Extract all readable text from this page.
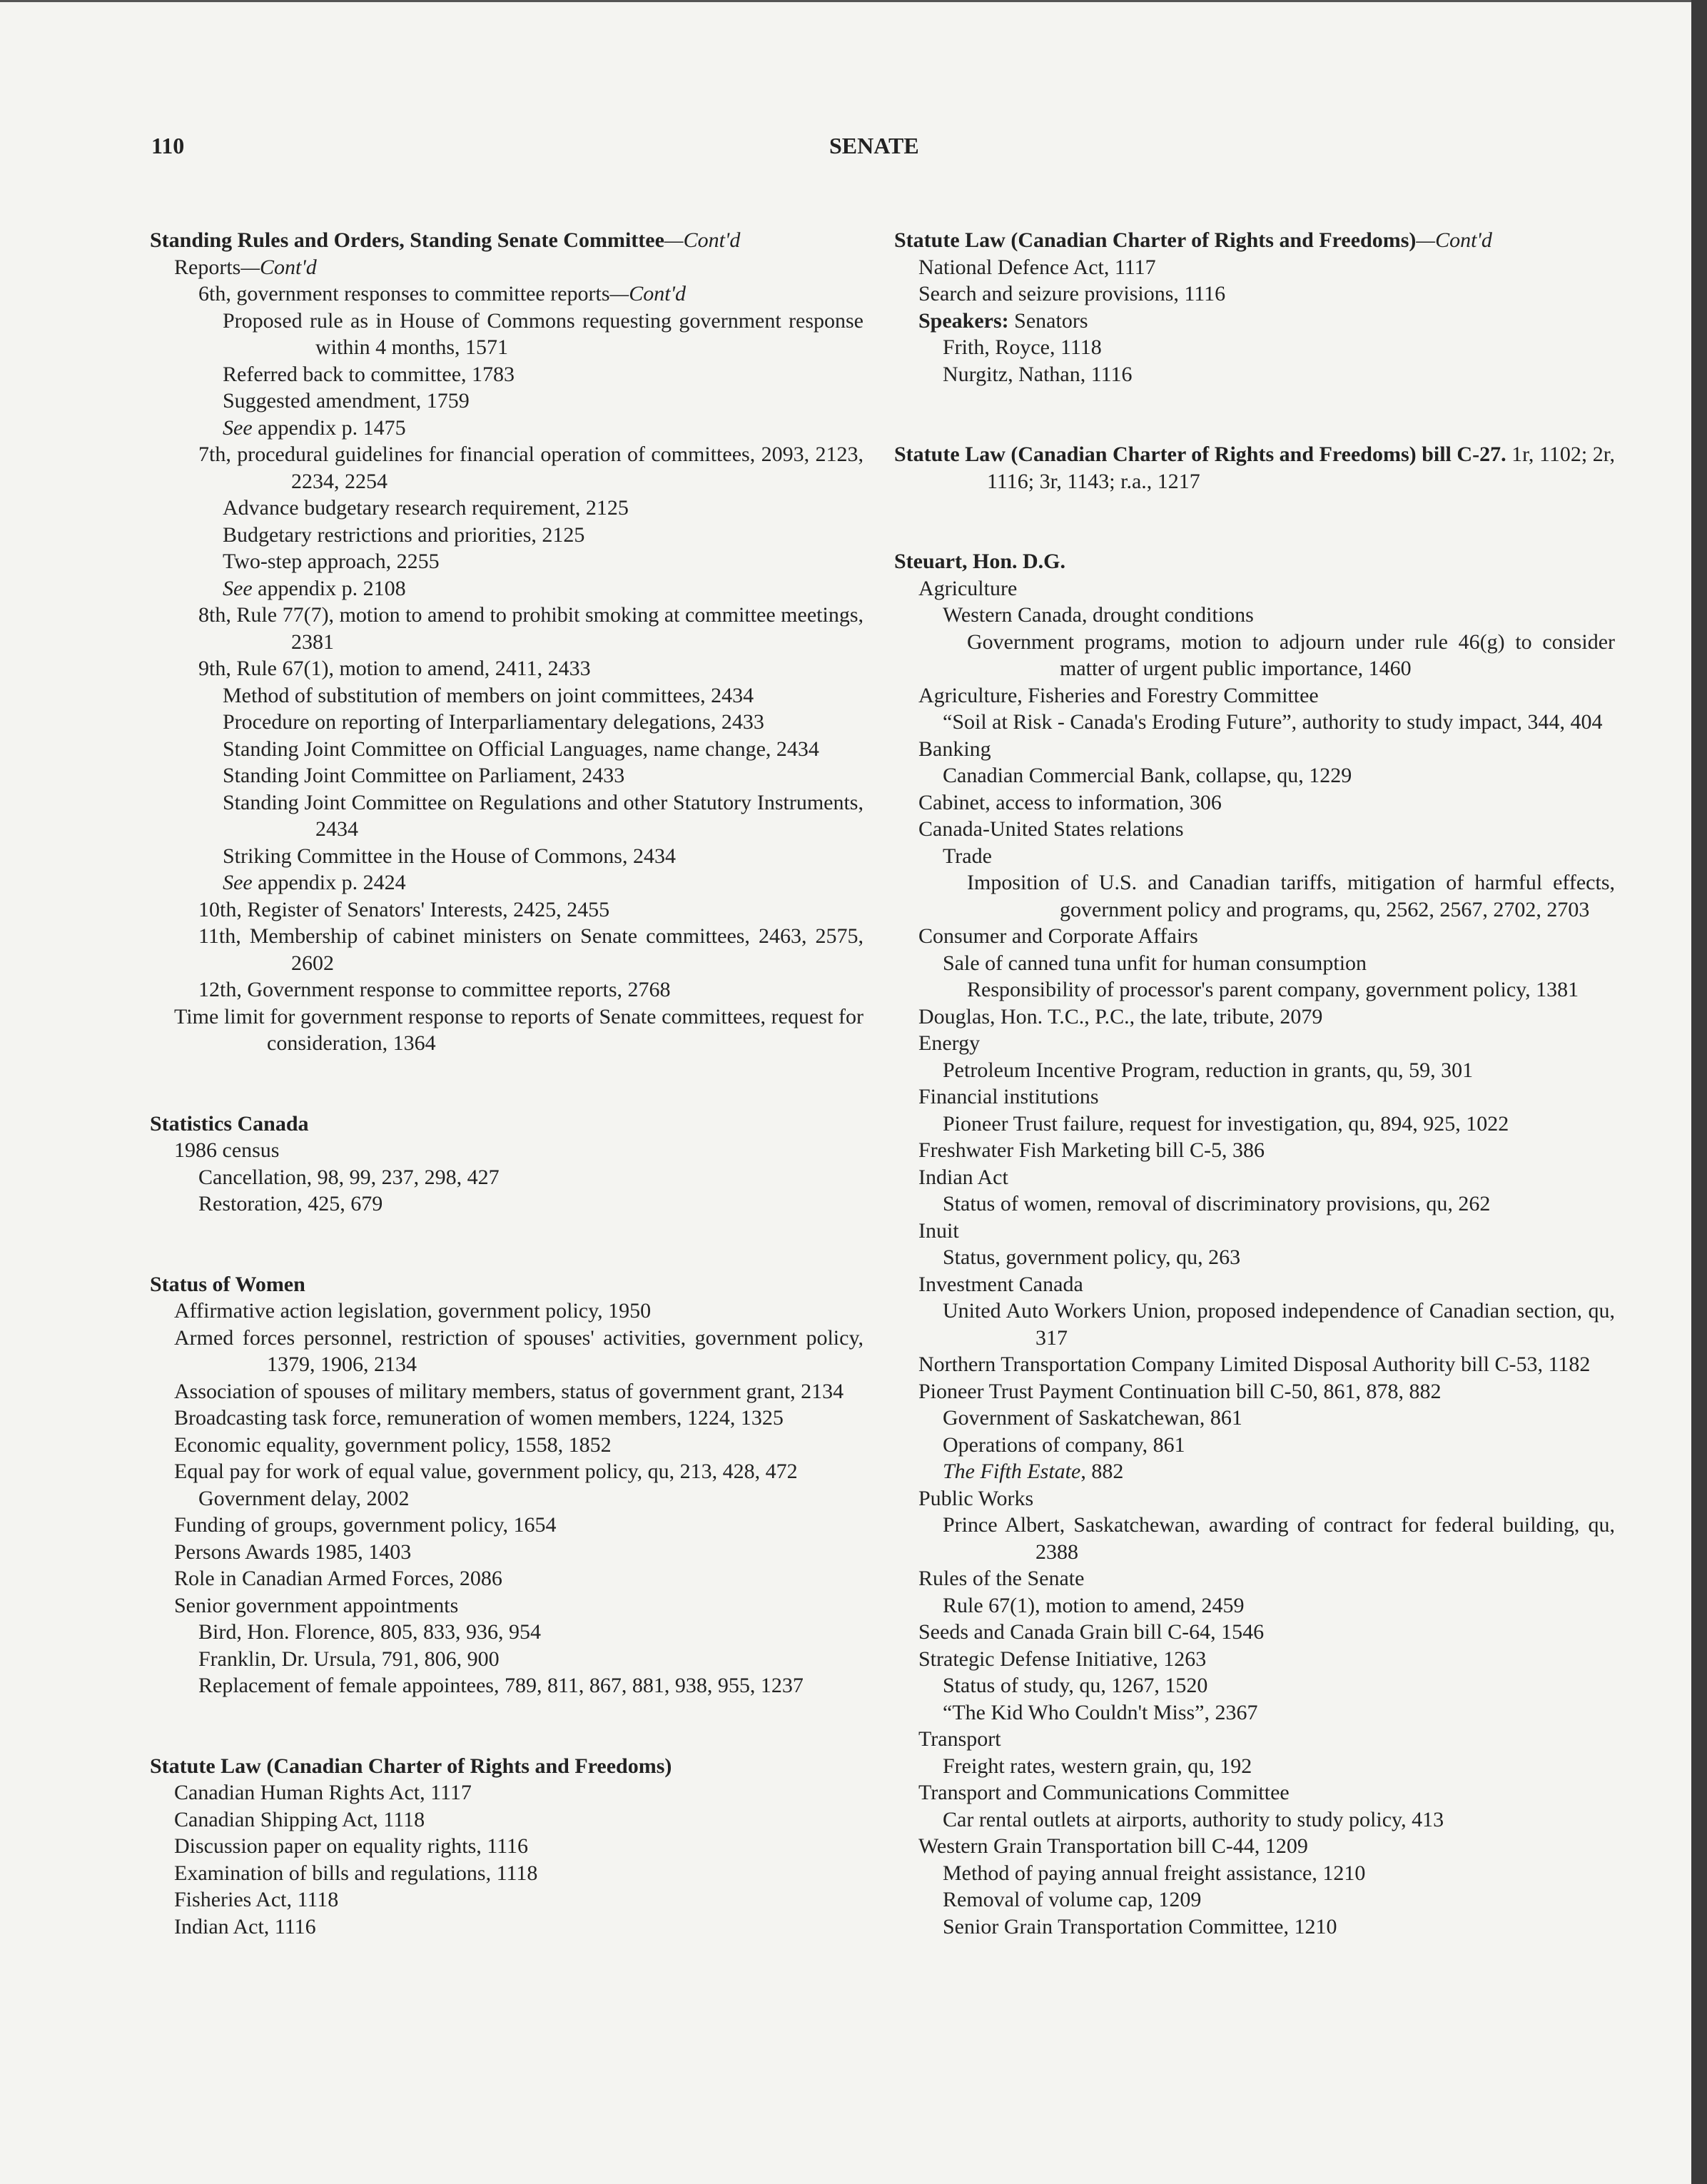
110	SENATE
Standing Rules and Orders, Standing Senate Committee—Cont'd
Reports—Cont'd
6th, government responses to committee reports—Cont'd
Proposed rule as in House of Commons requesting government response within 4 months, 1571
Referred back to committee, 1783
Suggested amendment, 1759
See appendix p. 1475
7th, procedural guidelines for financial operation of committees, 2093, 2123, 2234, 2254
Advance budgetary research requirement, 2125
Budgetary restrictions and priorities, 2125
Two-step approach, 2255
See appendix p. 2108
8th, Rule 77(7), motion to amend to prohibit smoking at committee meetings, 2381
9th, Rule 67(1), motion to amend, 2411, 2433
Method of substitution of members on joint committees, 2434
Procedure on reporting of Interparliamentary delegations, 2433
Standing Joint Committee on Official Languages, name change, 2434
Standing Joint Committee on Parliament, 2433
Standing Joint Committee on Regulations and other Statutory Instruments, 2434
Striking Committee in the House of Commons, 2434
See appendix p. 2424
10th, Register of Senators' Interests, 2425, 2455
11th, Membership of cabinet ministers on Senate committees, 2463, 2575, 2602
12th, Government response to committee reports, 2768
Time limit for government response to reports of Senate committees, request for consideration, 1364
Statistics Canada
1986 census
Cancellation, 98, 99, 237, 298, 427
Restoration, 425, 679
Status of Women
Affirmative action legislation, government policy, 1950
Armed forces personnel, restriction of spouses' activities, government policy, 1379, 1906, 2134
Association of spouses of military members, status of government grant, 2134
Broadcasting task force, remuneration of women members, 1224, 1325
Economic equality, government policy, 1558, 1852
Equal pay for work of equal value, government policy, qu, 213, 428, 472
Government delay, 2002
Funding of groups, government policy, 1654
Persons Awards 1985, 1403
Role in Canadian Armed Forces, 2086
Senior government appointments
Bird, Hon. Florence, 805, 833, 936, 954
Franklin, Dr. Ursula, 791, 806, 900
Replacement of female appointees, 789, 811, 867, 881, 938, 955, 1237
Statute Law (Canadian Charter of Rights and Freedoms)
Canadian Human Rights Act, 1117
Canadian Shipping Act, 1118
Discussion paper on equality rights, 1116
Examination of bills and regulations, 1118
Fisheries Act, 1118
Indian Act, 1116
Statute Law (Canadian Charter of Rights and Freedoms)—Cont'd
National Defence Act, 1117
Search and seizure provisions, 1116
Speakers: Senators
Frith, Royce, 1118
Nurgitz, Nathan, 1116
Statute Law (Canadian Charter of Rights and Freedoms) bill C-27. 1r, 1102; 2r, 1116; 3r, 1143; r.a., 1217
Steuart, Hon. D.G.
Agriculture
Western Canada, drought conditions
Government programs, motion to adjourn under rule 46(g) to consider matter of urgent public importance, 1460
Agriculture, Fisheries and Forestry Committee
“Soil at Risk - Canada's Eroding Future”, authority to study impact, 344, 404
Banking
Canadian Commercial Bank, collapse, qu, 1229
Cabinet, access to information, 306
Canada-United States relations
Trade
Imposition of U.S. and Canadian tariffs, mitigation of harmful effects, government policy and programs, qu, 2562, 2567, 2702, 2703
Consumer and Corporate Affairs
Sale of canned tuna unfit for human consumption
Responsibility of processor's parent company, government policy, 1381
Douglas, Hon. T.C., P.C., the late, tribute, 2079
Energy
Petroleum Incentive Program, reduction in grants, qu, 59, 301
Financial institutions
Pioneer Trust failure, request for investigation, qu, 894, 925, 1022
Freshwater Fish Marketing bill C-5, 386
Indian Act
Status of women, removal of discriminatory provisions, qu, 262
Inuit
Status, government policy, qu, 263
Investment Canada
United Auto Workers Union, proposed independence of Canadian section, qu, 317
Northern Transportation Company Limited Disposal Authority bill C-53, 1182
Pioneer Trust Payment Continuation bill C-50, 861, 878, 882
Government of Saskatchewan, 861
Operations of company, 861
The Fifth Estate, 882
Public Works
Prince Albert, Saskatchewan, awarding of contract for federal building, qu, 2388
Rules of the Senate
Rule 67(1), motion to amend, 2459
Seeds and Canada Grain bill C-64, 1546
Strategic Defense Initiative, 1263
Status of study, qu, 1267, 1520
“The Kid Who Couldn't Miss”, 2367
Transport
Freight rates, western grain, qu, 192
Transport and Communications Committee
Car rental outlets at airports, authority to study policy, 413
Western Grain Transportation bill C-44, 1209
Method of paying annual freight assistance, 1210
Removal of volume cap, 1209
Senior Grain Transportation Committee, 1210
